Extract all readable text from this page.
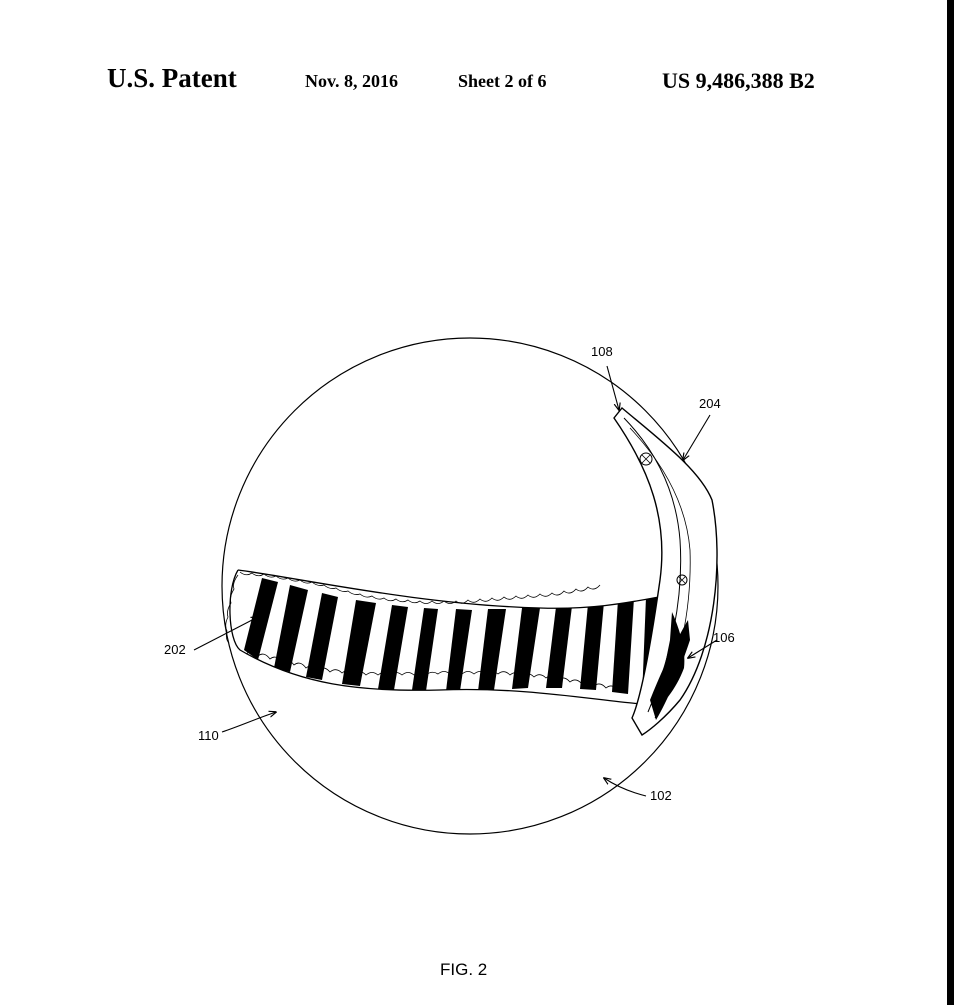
U.S. Patent	Nov. 8, 2016	Sheet 2 of 6	US 9,486,388 B2
108
204
106
202
110
102
FIG. 2
